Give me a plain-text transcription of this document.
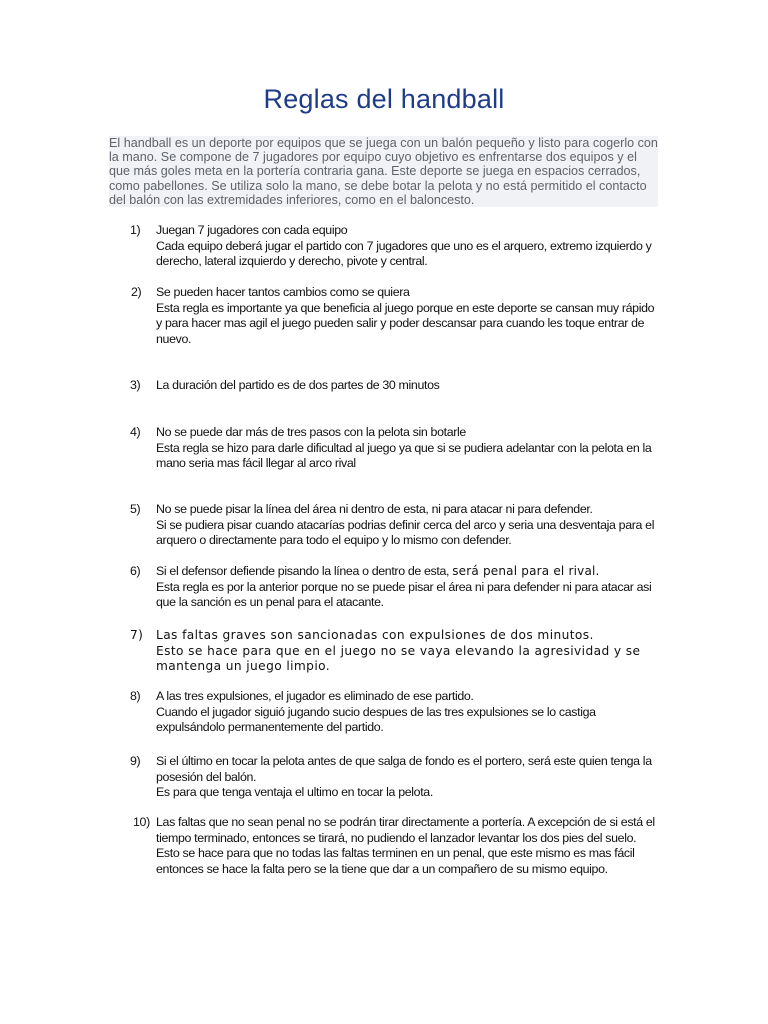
Reglas del handball

El handball es un deporte por equipos que se juega con un balón pequeño y listo para cogerlo con la mano. Se compone de 7 jugadores por equipo cuyo objetivo es enfrentarse dos equipos y el que más goles meta en la portería contraria gana. Este deporte se juega en espacios cerrados, como pabellones. Se utiliza solo la mano, se debe botar la pelota y no está permitido el contacto del balón con las extremidades inferiores, como en el baloncesto.

1)	Juegan 7 jugadores con cada equipo
Cada equipo deberá jugar el partido con 7 jugadores que uno es el arquero, extremo izquierdo y derecho, lateral izquierdo y derecho, pivote y central.
2)	Se pueden hacer tantos cambios como se quiera
Esta regla es importante ya que beneficia al juego porque en este deporte se cansan muy rápido y para hacer mas agil el juego pueden salir y poder descansar para cuando les toque entrar de nuevo.
3)	La duración del partido es de dos partes de 30 minutos
4)	No se puede dar más de tres pasos con la pelota sin botarle
Esta regla se hizo para darle dificultad al juego ya que si se pudiera adelantar con la pelota en la mano seria mas fácil llegar al arco rival
5)	No se puede pisar la línea del área ni dentro de esta, ni para atacar ni para defender.
Si se pudiera pisar cuando atacarías podrias definir cerca del arco y seria una desventaja para el arquero o directamente para todo el equipo y lo mismo con defender.
6)	Si el defensor defiende pisando la línea o dentro de esta, será penal para el rival.
Esta regla es por la anterior porque no se puede pisar el área ni para defender ni para atacar asi que la sanción es un penal para el atacante.
7)	Las faltas graves son sancionadas con expulsiones de dos minutos.
Esto se hace para que en el juego no se vaya elevando la agresividad y se mantenga un juego limpio.
8)	A las tres expulsiones, el jugador es eliminado de ese partido.
Cuando el jugador siguió jugando sucio despues de las tres expulsiones se lo castiga expulsándolo permanentemente del partido.
9)	Si el último en tocar la pelota antes de que salga de fondo es el portero, será este quien tenga la posesión del balón.
Es para que tenga ventaja el ultimo en tocar la pelota.
10) Las faltas que no sean penal no se podrán tirar directamente a portería. A excepción de si está el tiempo terminado, entonces se tirará, no pudiendo el lanzador levantar los dos pies del suelo.
Esto se hace para que no todas las faltas terminen en un penal, que este mismo es mas fácil entonces se hace la falta pero se la tiene que dar a un compañero de su mismo equipo.
